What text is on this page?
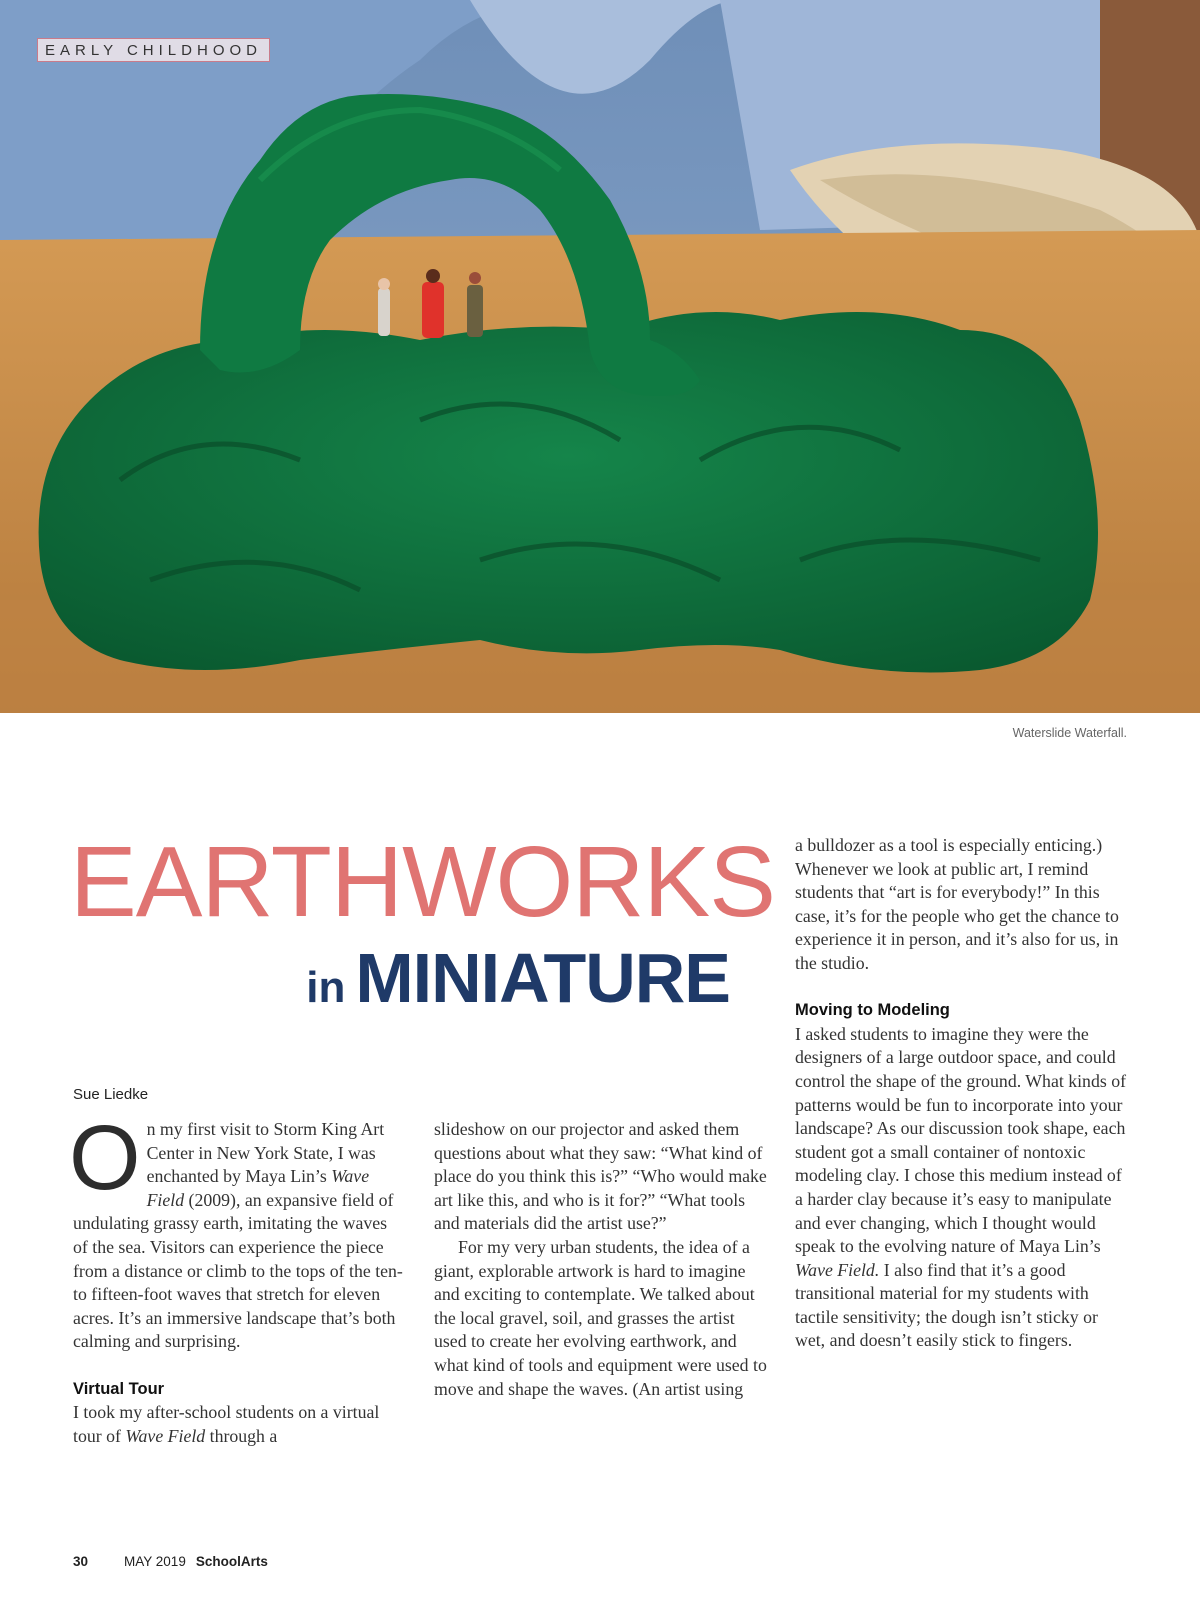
EARLY CHILDHOOD
Waterslide Waterfall.
EARTHWORKS
in MINIATURE
Sue Liedke

On my first visit to Storm King Art Center in New York State, I was enchanted by Maya Lin’s Wave Field (2009), an expansive field of undulating grassy earth, imitating the waves of the sea. Visitors can experience the piece from a distance or climb to the tops of the ten- to fifteen-foot waves that stretch for eleven acres. It’s an immersive landscape that’s both calming and surprising.

Virtual Tour

I took my after-school students on a virtual tour of Wave Field through a

slideshow on our projector and asked them questions about what they saw: “What kind of place do you think this is?” “Who would make art like this, and who is it for?” “What tools and materials did the artist use?”

For my very urban students, the idea of a giant, explorable artwork is hard to imagine and exciting to contemplate. We talked about the local gravel, soil, and grasses the artist used to create her evolving earthwork, and what kind of tools and equipment were used to move and shape the waves. (An artist using

a bulldozer as a tool is especially enticing.) Whenever we look at public art, I remind students that “art is for everybody!” In this case, it’s for the people who get the chance to experience it in person, and it’s also for us, in the studio.

Moving to Modeling

I asked students to imagine they were the designers of a large outdoor space, and could control the shape of the ground. What kinds of patterns would be fun to incorporate into your landscape? As our discussion took shape, each student got a small container of nontoxic modeling clay. I chose this medium instead of a harder clay because it’s easy to manipulate and ever changing, which I thought would speak to the evolving nature of Maya Lin’s Wave Field. I also find that it’s a good transitional material for my students with tactile sensitivity; the dough isn’t sticky or wet, and doesn’t easily stick to fingers.

30	MAY 2019 SchoolArts
